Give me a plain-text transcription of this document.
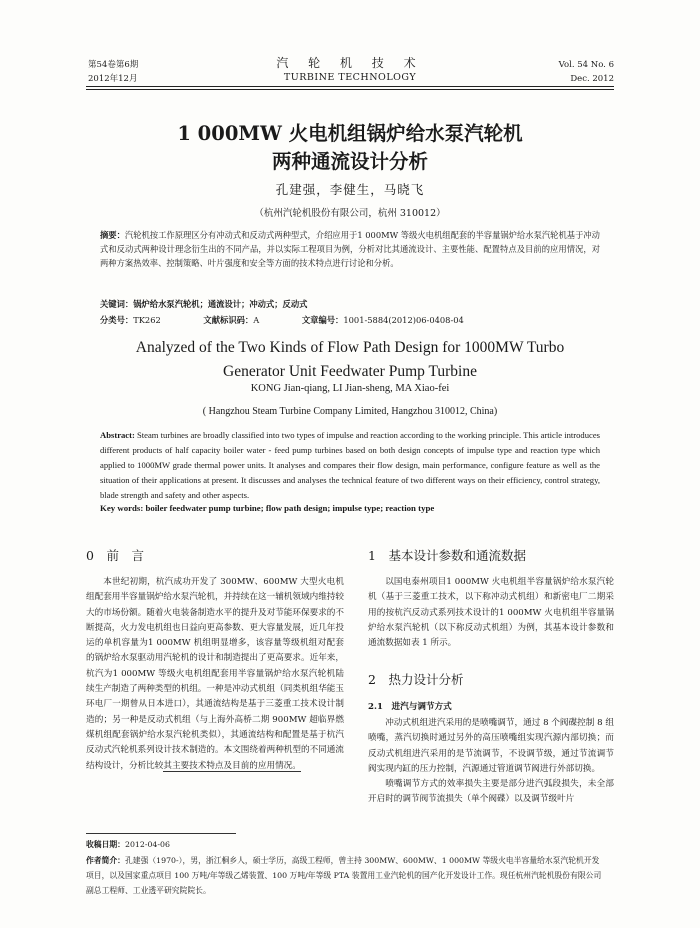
第54卷第6期
2012年12月
汽 轮 机 技 术
TURBINE TECHNOLOGY
Vol. 54 No. 6
Dec. 2012
1 000MW 火电机组锅炉给水泵汽轮机
两种通流设计分析
孔建强，李健生，马晓飞
（杭州汽轮机股份有限公司，杭州 310012）
摘要：汽轮机按工作原理区分有冲动式和反动式两种型式，介绍应用于1 000MW 等级火电机组配套的半容量锅炉给水泵汽轮机基于冲动式和反动式两种设计理念衍生出的不同产品，并以实际工程项目为例，分析对比其通流设计、主要性能、配置特点及目前的应用情况，对两种方案热效率、控制策略、叶片强度和安全等方面的技术特点进行讨论和分析。
关键词：锅炉给水泵汽轮机；通流设计；冲动式；反动式
分类号：TK262	文献标识码：A	文章编号：1001-5884(2012)06-0408-04
Analyzed of the Two Kinds of Flow Path Design for 1000MW Turbo
Generator Unit Feedwater Pump Turbine
KONG Jian-qiang, LI Jian-sheng, MA Xiao-fei
( Hangzhou Steam Turbine Company Limited, Hangzhou 310012, China)
Abstract: Steam turbines are broadly classified into two types of impulse and reaction according to the working principle. This article introduces different products of half capacity boiler water - feed pump turbines based on both design concepts of impulse type and reaction type which applied to 1000MW grade thermal power units. It analyses and compares their flow design, main performance, configure feature as well as the situation of their applications at present. It discusses and analyses the technical feature of two different ways on their efficiency, control strategy, blade strength and safety and other aspects.
Key words: boiler feedwater pump turbine; flow path design; impulse type; reaction type
0　前　言

本世纪初期，杭汽成功开发了 300MW、600MW 大型火电机组配套用半容量锅炉给水泵汽轮机，并持续在这一辅机领域内维持较大的市场份额。随着火电装备制造水平的提升及对节能环保要求的不断提高，火力发电机组也日益向更高参数、更大容量发展，近几年投运的单机容量为1 000MW 机组明显增多，该容量等级机组对配套的锅炉给水泵驱动用汽轮机的设计和制造提出了更高要求。近年来，杭汽为1 000MW 等级火电机组配套用半容量锅炉给水泵汽轮机陆续生产制造了两种类型的机组。一种是冲动式机组（同类机组华能玉环电厂一期曾从日本进口），其通流结构是基于三菱重工技术设计制造的；另一种是反动式机组（与上海外高桥二期 900MW 超临界燃煤机组配套锅炉给水泵汽轮机类似），其通流结构和配置是基于杭汽反动式汽轮机系列设计技术制造的。本文围绕着两种机型的不同通流结构设计，分析比较其主要技术特点及目前的应用情况。

1　基本设计参数和通流数据

以国电泰州项目1 000MW 火电机组半容量锅炉给水泵汽轮机（基于三菱重工技术，以下称冲动式机组）和新密电厂二期采用的按杭汽反动式系列技术设计的1 000MW 火电机组半容量锅炉给水泵汽轮机（以下称反动式机组）为例，其基本设计参数和通流数据如表 1 所示。

2　热力设计分析
2.1　进汽与调节方式

冲动式机组进汽采用的是喷嘴调节，通过 8 个阀碟控制 8 组喷嘴，蒸汽切换时通过另外的高压喷嘴组实现汽源内部切换；而反动式机组进汽采用的是节流调节，不设调节级，通过节流调节阀实现内缸的压力控制，汽源通过管道调节阀进行外部切换。

喷嘴调节方式的效率损失主要是部分进汽弧段损失，未全部开启时的调节阀节流损失（单个阀碟）以及调节级叶片

收稿日期：2012-04-06
作者简介：孔建强（1970-），男，浙江桐乡人，硕士学历，高级工程师，曾主持 300MW、600MW、1 000MW 等级火电半容量给水泵汽轮机开发项目，以及国家重点项目 100 万吨/年等级乙烯装置、100 万吨/年等级 PTA 装置用工业汽轮机的国产化开发设计工作。现任杭州汽轮机股份有限公司副总工程师、工业透平研究院院长。
